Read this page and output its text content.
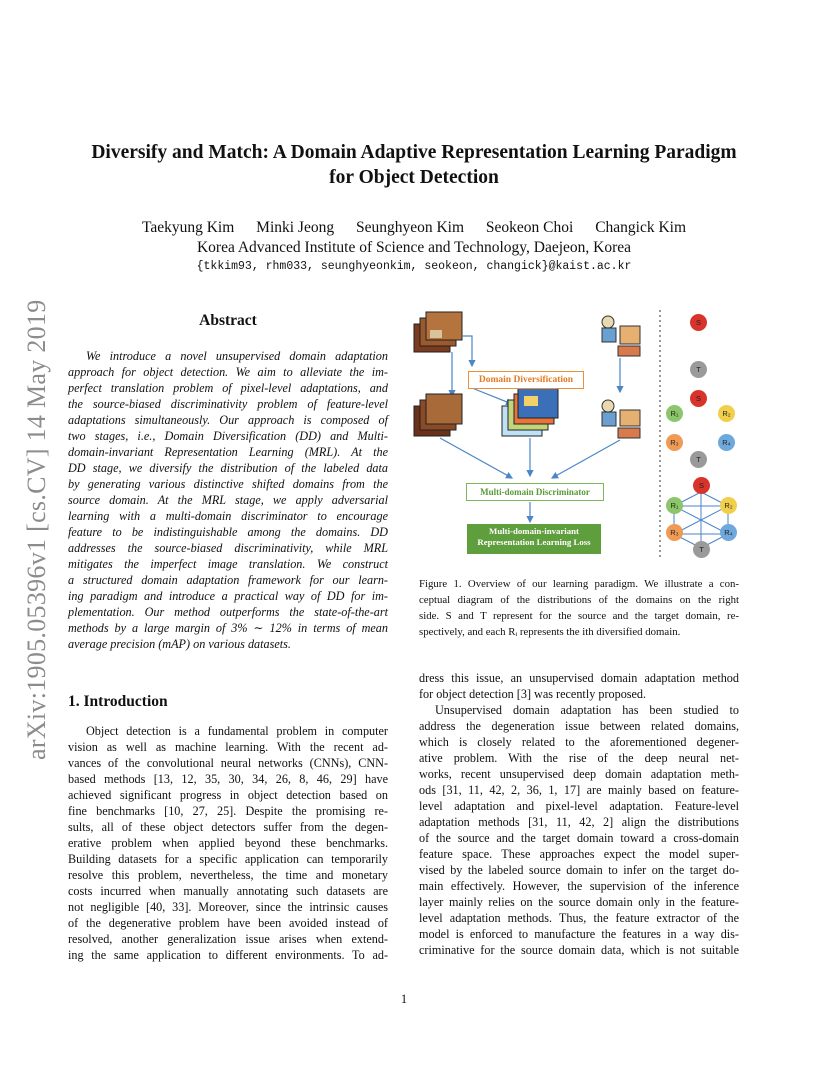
arXiv:1905.05396v1 [cs.CV] 14 May 2019
Diversify and Match: A Domain Adaptive Representation Learning Paradigm
for Object Detection
Taekyung Kim Minki Jeong Seunghyeon Kim Seokeon Choi Changick Kim
Korea Advanced Institute of Science and Technology, Daejeon, Korea
{tkkim93, rhm033, seunghyeonkim, seokeon, changick}@kaist.ac.kr
Abstract
We introduce a novel unsupervised domain adaptation
approach for object detection. We aim to alleviate the im-
perfect translation problem of pixel-level adaptations, and
the source-biased discriminativity problem of feature-level
adaptations simultaneously. Our approach is composed of
two stages, i.e., Domain Diversification (DD) and Multi-
domain-invariant Representation Learning (MRL). At the
DD stage, we diversify the distribution of the labeled data
by generating various distinctive shifted domains from the
source domain. At the MRL stage, we apply adversarial
learning with a multi-domain discriminator to encourage
feature to be indistinguishable among the domains. DD
addresses the source-biased discriminativity, while MRL
mitigates the imperfect image translation. We construct
a structured domain adaptation framework for our learn-
ing paradigm and introduce a practical way of DD for im-
plementation. Our method outperforms the state-of-the-art
methods by a large margin of 3% ∼ 12% in terms of mean
average precision (mAP) on various datasets.
1. Introduction
Object detection is a fundamental problem in computer
vision as well as machine learning. With the recent ad-
vances of the convolutional neural networks (CNNs), CNN-
based methods [13, 12, 35, 30, 34, 26, 8, 46, 29] have
achieved significant progress in object detection based on
fine benchmarks [10, 27, 25]. Despite the promising re-
sults, all of these object detectors suffer from the degen-
erative problem when applied beyond these benchmarks.
Building datasets for a specific application can temporarily
resolve this problem, nevertheless, the time and monetary
costs incurred when manually annotating such datasets are
not negligible [40, 33]. Moreover, since the intrinsic causes
of the degenerative problem have been avoided instead of
resolved, another generalization issue arises when extend-
ing the same application to different environments. To ad-
Domain Diversification
Multi-domain Discriminator
Multi-domain-invariant
Representation Learning Loss
S
T
S
R₁	R₂
R₃	R₄
T
S
R₁	R₂
R₃	R₄
T
Figure 1. Overview of our learning paradigm. We illustrate a con-
ceptual diagram of the distributions of the domains on the right
side. S and T represent for the source and the target domain, re-
spectively, and each Rᵢ represents the ith diversified domain.
dress this issue, an unsupervised domain adaptation method
for object detection [3] was recently proposed.
Unsupervised domain adaptation has been studied to
address the degeneration issue between related domains,
which is closely related to the aforementioned degener-
ative problem. With the rise of the deep neural net-
works, recent unsupervised deep domain adaptation meth-
ods [31, 11, 42, 2, 36, 1, 17] are mainly based on feature-
level adaptation and pixel-level adaptation. Feature-level
adaptation methods [31, 11, 42, 2] align the distributions
of the source and the target domain toward a cross-domain
feature space. These approaches expect the model super-
vised by the labeled source domain to infer on the target do-
main effectively. However, the supervision of the inference
layer mainly relies on the source domain only in the feature-
level adaptation methods. Thus, the feature extractor of the
model is enforced to manufacture the features in a way dis-
criminative for the source domain data, which is not suitable
1
